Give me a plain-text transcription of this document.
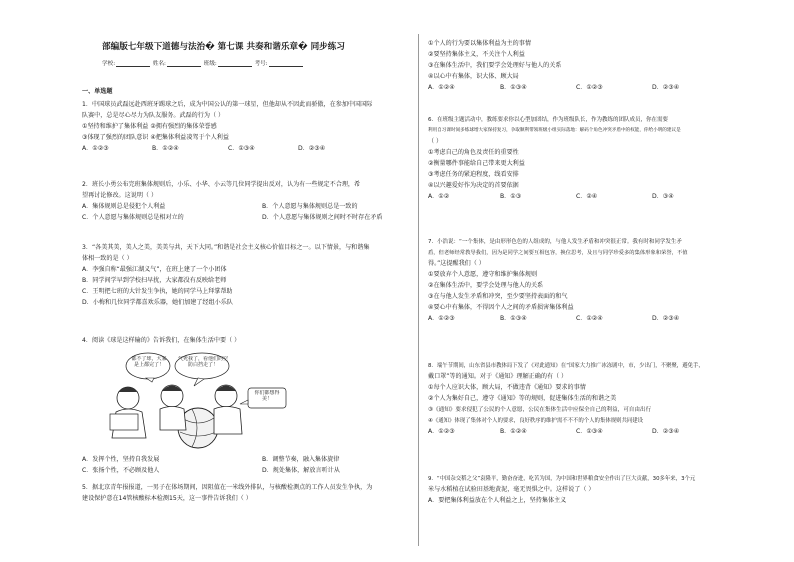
部编版七年级下道德与法治� 第七课 共奏和谐乐章� 同步练习
学校:	姓名:	班级:	考号:
一、单选题
1．中国球员武磊远赴西班牙踢球之后，成为中国公认的第一球星，但他却从不因此而骄傲，在参加中国国际
队赛中，总是尽心尽力为队友服务。武磊的行为（ ）
①坚持和维护了集体利益 ②拥有强烈的集体荣誉感
③体现了强烈的团队意识 ④把集体利益凌驾于个人利益
A．①②③	B．①②④	C．①③④	D．②③④
2．班长小勇公布完班集体规则后，小乐、小华、小云等几位同学提出反对，认为有一些规定不合理，希
望再讨论修改。这说明（ ）
A．集体规则总是侵犯个人利益	B．个人意愿与集体规则总是一致的
C．个人意愿与集体规则总是相对立的	D．个人意愿与集体规则之间时不时存在矛盾
3．“各美其美，美人之美，美美与共，天下大同。”和谐是社会主义核心价值目标之一。以下情景，与和谐集
体相一致的是（ ）
A．李强自称“最强江湖义气”，在班上建了一个小团体
B．同学间学早到学校扫早扰，大家都没有反映给老师
C．王明把七班的大针发生争执，她的同学马上拜掌帮助
D．小梅和几位同学都喜欢乐器，她们加建了经组小乐队
4．阅读《球是这样输的》告诉我们，在集体生活中要（ ）
都不了球，大家是上都完了！
气死我了，看他们的空防白挡走了！
你们都想得美！
A．发挥个性，坚持自我发展	B．调整节奏，融入集体旋律
C．张扬个性，不必顾及他人	D．规处集体，解放言听计从
5．据北京青年报报道，一男子在体场期间，因阻值在一米线外排队，与核酸检测点的工作人员发生争执，为
建设保护意在14管核酸标本检测15天，这一事件告诉我们（ ）
①个人的行为要以集体利益为主的事情
②要坚持集体主义，不关注个人利益
③在集体生活中，我们要学会处理好与他人的关系
④以心中有集体，识大体、顾大局
A．①②④	B．①③④	C．①②③	D．②③④
6．在班级主题活动中，教练要求你以心型加团结，作为班级队长，作为教练的团队成员，你在需要
利用自习课时间多练球增大家保持复习，争取顺利带领班级小组实际落地：解码个角色冲突矛盾中的权能，你给小明的建议是
（ ）
①考虑自己的角色及责任的重要性
②衡量哪件事能给自己带来更大利益
③考虑任务的紧迫程度，线看安排
④以兴趣爱好作为决定的首要依据
A．①②	B．①③	C．②④	D．③④
7．小浩说：“一个集体，是由形形色色的人组成的，与他人发生矛盾和冲突很正常。我有时和同学发生矛
盾，但老师经常教导我们，因为是同学之间要互相包容，换位思考，及且与同学珍爱多的集体形象和荣誉，不值
得。”这提醒我们（ ）
①要放弃个人意愿，遵守和维护集体规则
②在集体生活中，要学会处理与他人的关系
③在与他人发生矛盾和冲突，至少要坚持表面的和气
④要心中有集体，不得因个人之间的矛盾损害集体利益
A．①②③	B．①③④	C．①②④	D．②③④
8．端午节期间，山东省县市教体局下发了《对此通知》在“国家大力推广冰冻剧中，市，少出门，不聚聚，避免手，
戴口罩”等的通知。对于《通知》理解正确的有（ ）
①每个人应识大体，顾大局，不做违背《通知》要求的事情
②个人为集好自己，遵守《通知》等的规则，促进集体生活的和谐之美
③《通知》要求侵犯了公民的个人意愿，公民在集体生活中应保全自己的利益，可自由出行
④《通知》体现了集体对个人的要求，良好秩序的维护需不不不的个人的集体规则共同建设
A．①②③	B．①②④	C．①③④	D．②③④
9．“中国杂交稻之父”袁隆平，勤奋奋进，吃苦为国，为中国和世界粮食安全作出了巨大贡献，30多年来，3个元
米与水稻植在试验田基地黄泥，毫无畏惧之中。这样说了（ ）
A．要把集体利益放在个人利益之上，坚持集体主义
